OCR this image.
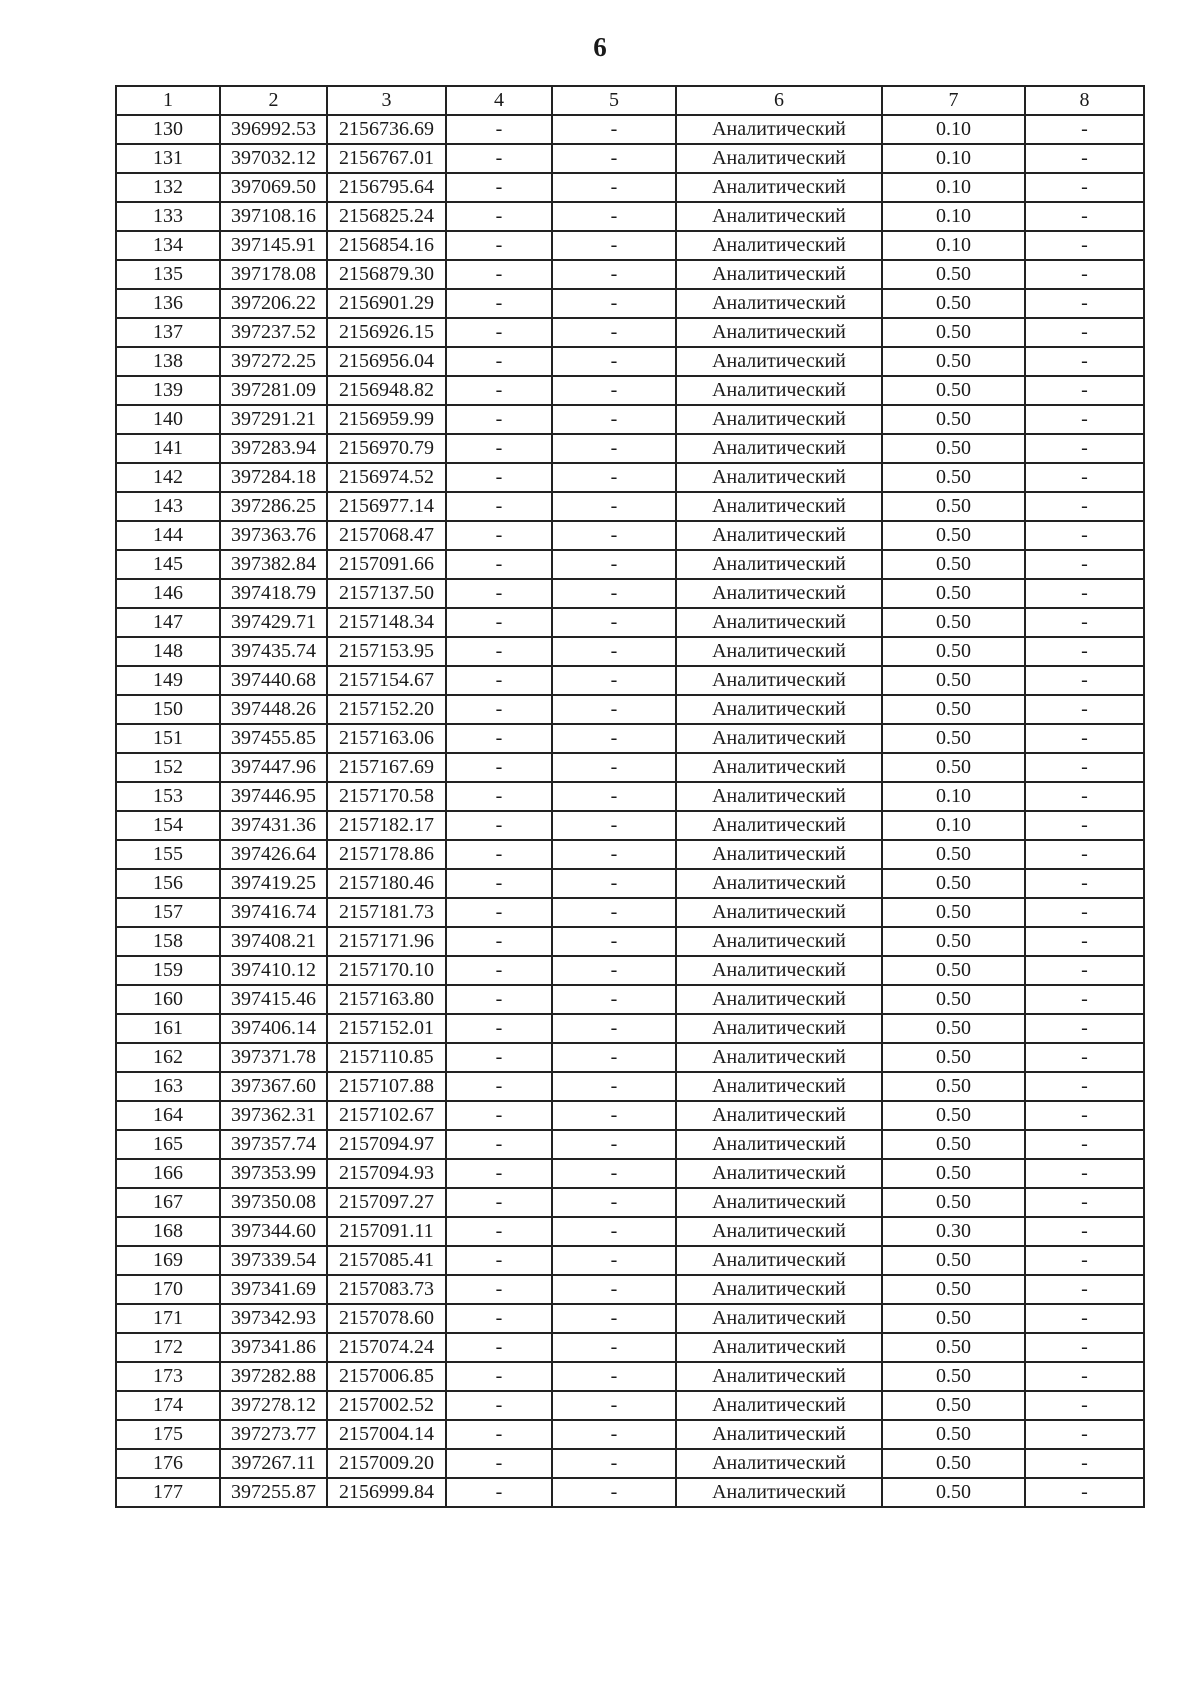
6
1	2	3	4	5	6	7	8
130	396992.53	2156736.69	-	-	Аналитический	0.10	-
131	397032.12	2156767.01	-	-	Аналитический	0.10	-
132	397069.50	2156795.64	-	-	Аналитический	0.10	-
133	397108.16	2156825.24	-	-	Аналитический	0.10	-
134	397145.91	2156854.16	-	-	Аналитический	0.10	-
135	397178.08	2156879.30	-	-	Аналитический	0.50	-
136	397206.22	2156901.29	-	-	Аналитический	0.50	-
137	397237.52	2156926.15	-	-	Аналитический	0.50	-
138	397272.25	2156956.04	-	-	Аналитический	0.50	-
139	397281.09	2156948.82	-	-	Аналитический	0.50	-
140	397291.21	2156959.99	-	-	Аналитический	0.50	-
141	397283.94	2156970.79	-	-	Аналитический	0.50	-
142	397284.18	2156974.52	-	-	Аналитический	0.50	-
143	397286.25	2156977.14	-	-	Аналитический	0.50	-
144	397363.76	2157068.47	-	-	Аналитический	0.50	-
145	397382.84	2157091.66	-	-	Аналитический	0.50	-
146	397418.79	2157137.50	-	-	Аналитический	0.50	-
147	397429.71	2157148.34	-	-	Аналитический	0.50	-
148	397435.74	2157153.95	-	-	Аналитический	0.50	-
149	397440.68	2157154.67	-	-	Аналитический	0.50	-
150	397448.26	2157152.20	-	-	Аналитический	0.50	-
151	397455.85	2157163.06	-	-	Аналитический	0.50	-
152	397447.96	2157167.69	-	-	Аналитический	0.50	-
153	397446.95	2157170.58	-	-	Аналитический	0.10	-
154	397431.36	2157182.17	-	-	Аналитический	0.10	-
155	397426.64	2157178.86	-	-	Аналитический	0.50	-
156	397419.25	2157180.46	-	-	Аналитический	0.50	-
157	397416.74	2157181.73	-	-	Аналитический	0.50	-
158	397408.21	2157171.96	-	-	Аналитический	0.50	-
159	397410.12	2157170.10	-	-	Аналитический	0.50	-
160	397415.46	2157163.80	-	-	Аналитический	0.50	-
161	397406.14	2157152.01	-	-	Аналитический	0.50	-
162	397371.78	2157110.85	-	-	Аналитический	0.50	-
163	397367.60	2157107.88	-	-	Аналитический	0.50	-
164	397362.31	2157102.67	-	-	Аналитический	0.50	-
165	397357.74	2157094.97	-	-	Аналитический	0.50	-
166	397353.99	2157094.93	-	-	Аналитический	0.50	-
167	397350.08	2157097.27	-	-	Аналитический	0.50	-
168	397344.60	2157091.11	-	-	Аналитический	0.30	-
169	397339.54	2157085.41	-	-	Аналитический	0.50	-
170	397341.69	2157083.73	-	-	Аналитический	0.50	-
171	397342.93	2157078.60	-	-	Аналитический	0.50	-
172	397341.86	2157074.24	-	-	Аналитический	0.50	-
173	397282.88	2157006.85	-	-	Аналитический	0.50	-
174	397278.12	2157002.52	-	-	Аналитический	0.50	-
175	397273.77	2157004.14	-	-	Аналитический	0.50	-
176	397267.11	2157009.20	-	-	Аналитический	0.50	-
177	397255.87	2156999.84	-	-	Аналитический	0.50	-
